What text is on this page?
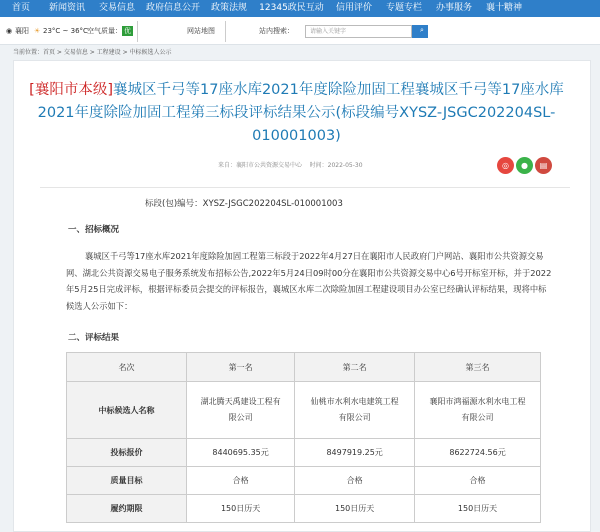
首页	新闻资讯	交易信息	政府信息公开	政策法规	12345政民互动	信用评价	专题专栏	办事服务	襄十糖神
◉ 襄阳 ☀ 23°C ~ 36°C 空气质量： 优	网站地图	站内搜索：	请输入关键字	⌕
当前位置：首页 > 交易信息 > 工程建设 > 中标候选人公示
[襄阳市本级]襄城区千弓等17座水库2021年度除险加固工程襄城区千弓等17座水库2021年度除险加固工程第三标段评标结果公示(标段编号XYSZ-JSGC202204SL-010001003)
来自：襄阳市公共资源交易中心 时间：2022-05-30	◎	●	▤
标段(包)编号：XYSZ-JSGC202204SL-010001003
一、招标概况
襄城区千弓等17座水库2021年度除险加固工程第三标段于2022年4月27日在襄阳市人民政府门户网站、襄阳市公共资源交易网、湖北公共资源交易电子服务系统发布招标公告,2022年5月24日09时00分在襄阳市公共资源交易中心6号开标室开标，并于2022年5月25日完成评标，根据评标委员会提交的评标报告，襄城区水库二次除险加固工程建设项目办公室已经确认评标结果，现将中标候选人公示如下：
二、评标结果
名次	第一名	第二名	第三名
中标候选人名称	湖北腾天禹建设工程有限公司	仙桃市水利水电建筑工程有限公司	襄阳市鸿福源水利水电工程有限公司
投标报价	8440695.35元	8497919.25元	8622724.56元
质量目标	合格	合格	合格
履约期限	150日历天	150日历天	150日历天
